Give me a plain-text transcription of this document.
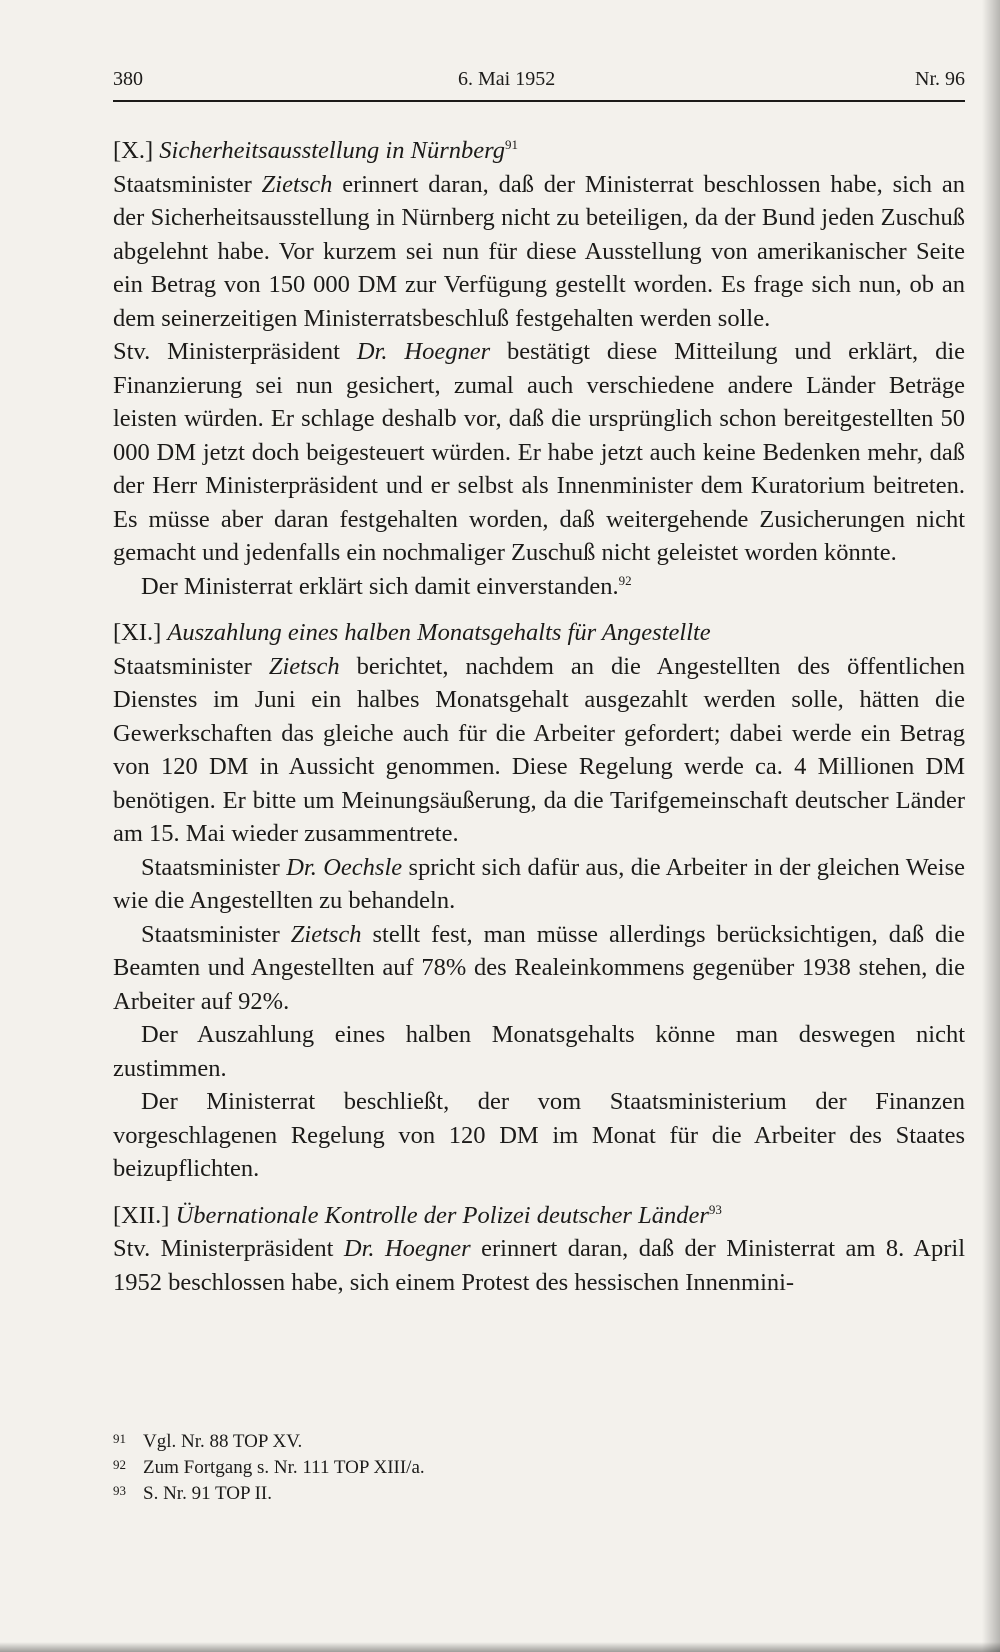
380	6. Mai 1952	Nr. 96
[X.] Sicherheitsausstellung in Nürnberg$^{91}$

Staatsminister Zietsch erinnert daran, daß der Ministerrat beschlossen habe, sich an der Sicherheitsausstellung in Nürnberg nicht zu beteiligen, da der Bund jeden Zuschuß abgelehnt habe. Vor kurzem sei nun für diese Ausstellung von amerikanischer Seite ein Betrag von 150 000 DM zur Verfügung gestellt worden. Es frage sich nun, ob an dem seinerzeitigen Ministerratsbeschluß festgehalten werden solle.

Stv. Ministerpräsident Dr. Hoegner bestätigt diese Mitteilung und erklärt, die Finanzierung sei nun gesichert, zumal auch verschiedene andere Länder Beträge leisten würden. Er schlage deshalb vor, daß die ursprünglich schon bereitgestellten 50 000 DM jetzt doch beigesteuert würden. Er habe jetzt auch keine Bedenken mehr, daß der Herr Ministerpräsident und er selbst als Innenminister dem Kuratorium beitreten. Es müsse aber daran festgehalten worden, daß weitergehende Zusicherungen nicht gemacht und jedenfalls ein nochmaliger Zuschuß nicht geleistet worden könnte.

Der Ministerrat erklärt sich damit einverstanden.$^{92}$

[XI.] Auszahlung eines halben Monatsgehalts für Angestellte

Staatsminister Zietsch berichtet, nachdem an die Angestellten des öffentlichen Dienstes im Juni ein halbes Monatsgehalt ausgezahlt werden solle, hätten die Gewerkschaften das gleiche auch für die Arbeiter gefordert; dabei werde ein Betrag von 120 DM in Aussicht genommen. Diese Regelung werde ca. 4 Millionen DM benötigen. Er bitte um Meinungsäußerung, da die Tarifgemeinschaft deutscher Länder am 15. Mai wieder zusammentrete.

Staatsminister Dr. Oechsle spricht sich dafür aus, die Arbeiter in der gleichen Weise wie die Angestellten zu behandeln.

Staatsminister Zietsch stellt fest, man müsse allerdings berücksichtigen, daß die Beamten und Angestellten auf 78% des Realeinkommens gegenüber 1938 stehen, die Arbeiter auf 92%.

Der Auszahlung eines halben Monatsgehalts könne man deswegen nicht zustimmen.

Der Ministerrat beschließt, der vom Staatsministerium der Finanzen vorgeschlagenen Regelung von 120 DM im Monat für die Arbeiter des Staates beizupflichten.

[XII.] Übernationale Kontrolle der Polizei deutscher Länder$^{93}$

Stv. Ministerpräsident Dr. Hoegner erinnert daran, daß der Ministerrat am 8. April 1952 beschlossen habe, sich einem Protest des hessischen Innenmini-

91 Vgl. Nr. 88 TOP XV.
92 Zum Fortgang s. Nr. 111 TOP XIII/a.
93 S. Nr. 91 TOP II.
